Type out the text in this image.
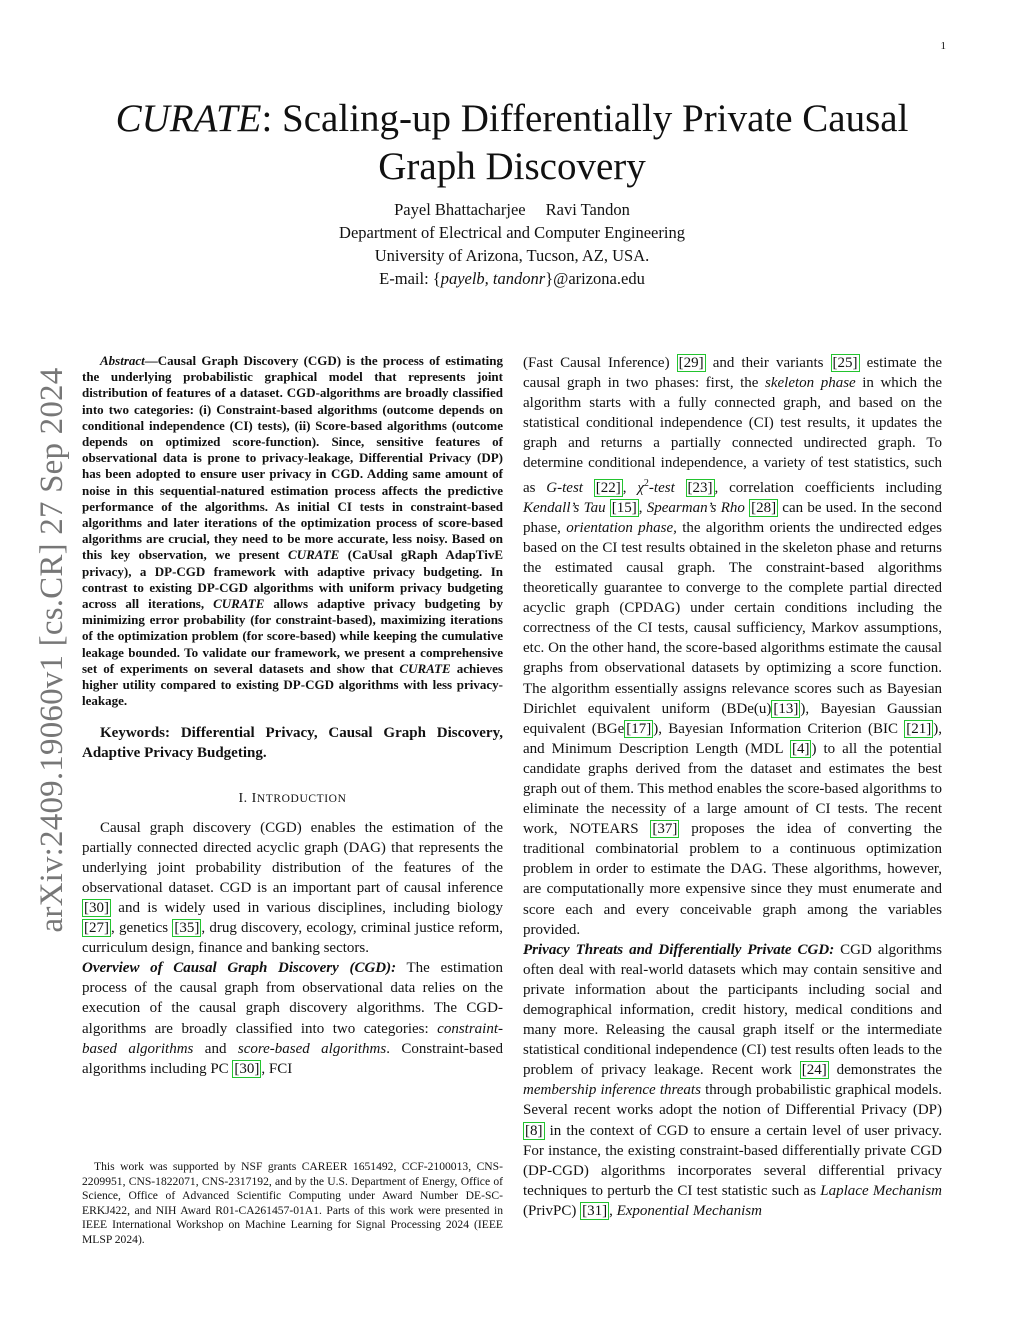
1
arXiv:2409.19060v1 [cs.CR] 27 Sep 2024
CURATE: Scaling-up Differentially Private Causal
Graph Discovery
Payel Bhattacharjee Ravi Tandon
Department of Electrical and Computer Engineering
University of Arizona, Tucson, AZ, USA.
E-mail: {payelb, tandonr}@arizona.edu

Abstract—Causal Graph Discovery (CGD) is the process of estimating the underlying probabilistic graphical model that represents joint distribution of features of a dataset. CGD-algorithms are broadly classified into two categories: (i) Constraint-based algorithms (outcome depends on conditional independence (CI) tests), (ii) Score-based algorithms (outcome depends on optimized score-function). Since, sensitive features of observational data is prone to privacy-leakage, Differential Privacy (DP) has been adopted to ensure user privacy in CGD. Adding same amount of noise in this sequential-natured estimation process affects the predictive performance of the algorithms. As initial CI tests in constraint-based algorithms and later iterations of the optimization process of score-based algorithms are crucial, they need to be more accurate, less noisy. Based on this key observation, we present CURATE (CaUsal gRaph AdapTivE privacy), a DP-CGD framework with adaptive privacy budgeting. In contrast to existing DP-CGD algorithms with uniform privacy budgeting across all iterations, CURATE allows adaptive privacy budgeting by minimizing error probability (for constraint-based), maximizing iterations of the optimization problem (for score-based) while keeping the cumulative leakage bounded. To validate our framework, we present a comprehensive set of experiments on several datasets and show that CURATE achieves higher utility compared to existing DP-CGD algorithms with less privacy-leakage.

Keywords: Differential Privacy, Causal Graph Discovery, Adaptive Privacy Budgeting.

I. INTRODUCTION

Causal graph discovery (CGD) enables the estimation of the partially connected directed acyclic graph (DAG) that represents the underlying joint probability distribution of the features of the observational dataset. CGD is an important part of causal inference [30] and is widely used in various disciplines, including biology [27] , genetics [35] , drug discovery, ecology, criminal justice reform, curriculum design, finance and banking sectors.

Overview of Causal Graph Discovery (CGD): The estimation process of the causal graph from observational data relies on the execution of the causal graph discovery algorithms. The CGD-algorithms are broadly classified into two categories: constraint-based algorithms and score-based algorithms. Constraint-based algorithms including PC [30] , FCI

This work was supported by NSF grants CAREER 1651492, CCF-2100013, CNS-2209951, CNS-1822071, CNS-2317192, and by the U.S. Department of Energy, Office of Science, Office of Advanced Scientific Computing under Award Number DE-SC-ERKJ422, and NIH Award R01-CA261457-01A1. Parts of this work were presented in IEEE International Workshop on Machine Learning for Signal Processing 2024 (IEEE MLSP 2024).

(Fast Causal Inference) [29] and their variants [25] estimate the causal graph in two phases: first, the skeleton phase in which the algorithm starts with a fully connected graph, and based on the statistical conditional independence (CI) test results, it updates the graph and returns a partially connected undirected graph. To determine conditional independence, a variety of test statistics, such as G-test [22] , $\chi^2$-test [23] , correlation coefficients including Kendall’s Tau [15] , Spearman’s Rho [28] can be used. In the second phase, orientation phase, the algorithm orients the undirected edges based on the CI test results obtained in the skeleton phase and returns the estimated causal graph. The constraint-based algorithms theoretically guarantee to converge to the complete partial directed acyclic graph (CPDAG) under certain conditions including the correctness of the CI tests, causal sufficiency, Markov assumptions, etc. On the other hand, the score-based algorithms estimate the causal graphs from observational datasets by optimizing a score function. The algorithm essentially assigns relevance scores such as Bayesian Dirichlet equivalent uniform (BDe(u) [13] ), Bayesian Gaussian equivalent (BGe [17] ), Bayesian Information Criterion (BIC [21] ), and Minimum Description Length (MDL [4] ) to all the potential candidate graphs derived from the dataset and estimates the best graph out of them. This method enables the score-based algorithms to eliminate the necessity of a large amount of CI tests. The recent work, NOTEARS [37] proposes the idea of converting the traditional combinatorial problem to a continuous optimization problem in order to estimate the DAG. These algorithms, however, are computationally more expensive since they must enumerate and score each and every conceivable graph among the variables provided.

Privacy Threats and Differentially Private CGD: CGD algorithms often deal with real-world datasets which may contain sensitive and private information about the participants including social and demographical information, credit history, medical conditions and many more. Releasing the causal graph itself or the intermediate statistical conditional independence (CI) test results often leads to the problem of privacy leakage. Recent work [24] demonstrates the membership inference threats through probabilistic graphical models. Several recent works adopt the notion of Differential Privacy (DP) [8] in the context of CGD to ensure a certain level of user privacy. For instance, the existing constraint-based differentially private CGD (DP-CGD) algorithms incorporates several differential privacy techniques to perturb the CI test statistic such as Laplace Mechanism (PrivPC) [31] , Exponential Mechanism
